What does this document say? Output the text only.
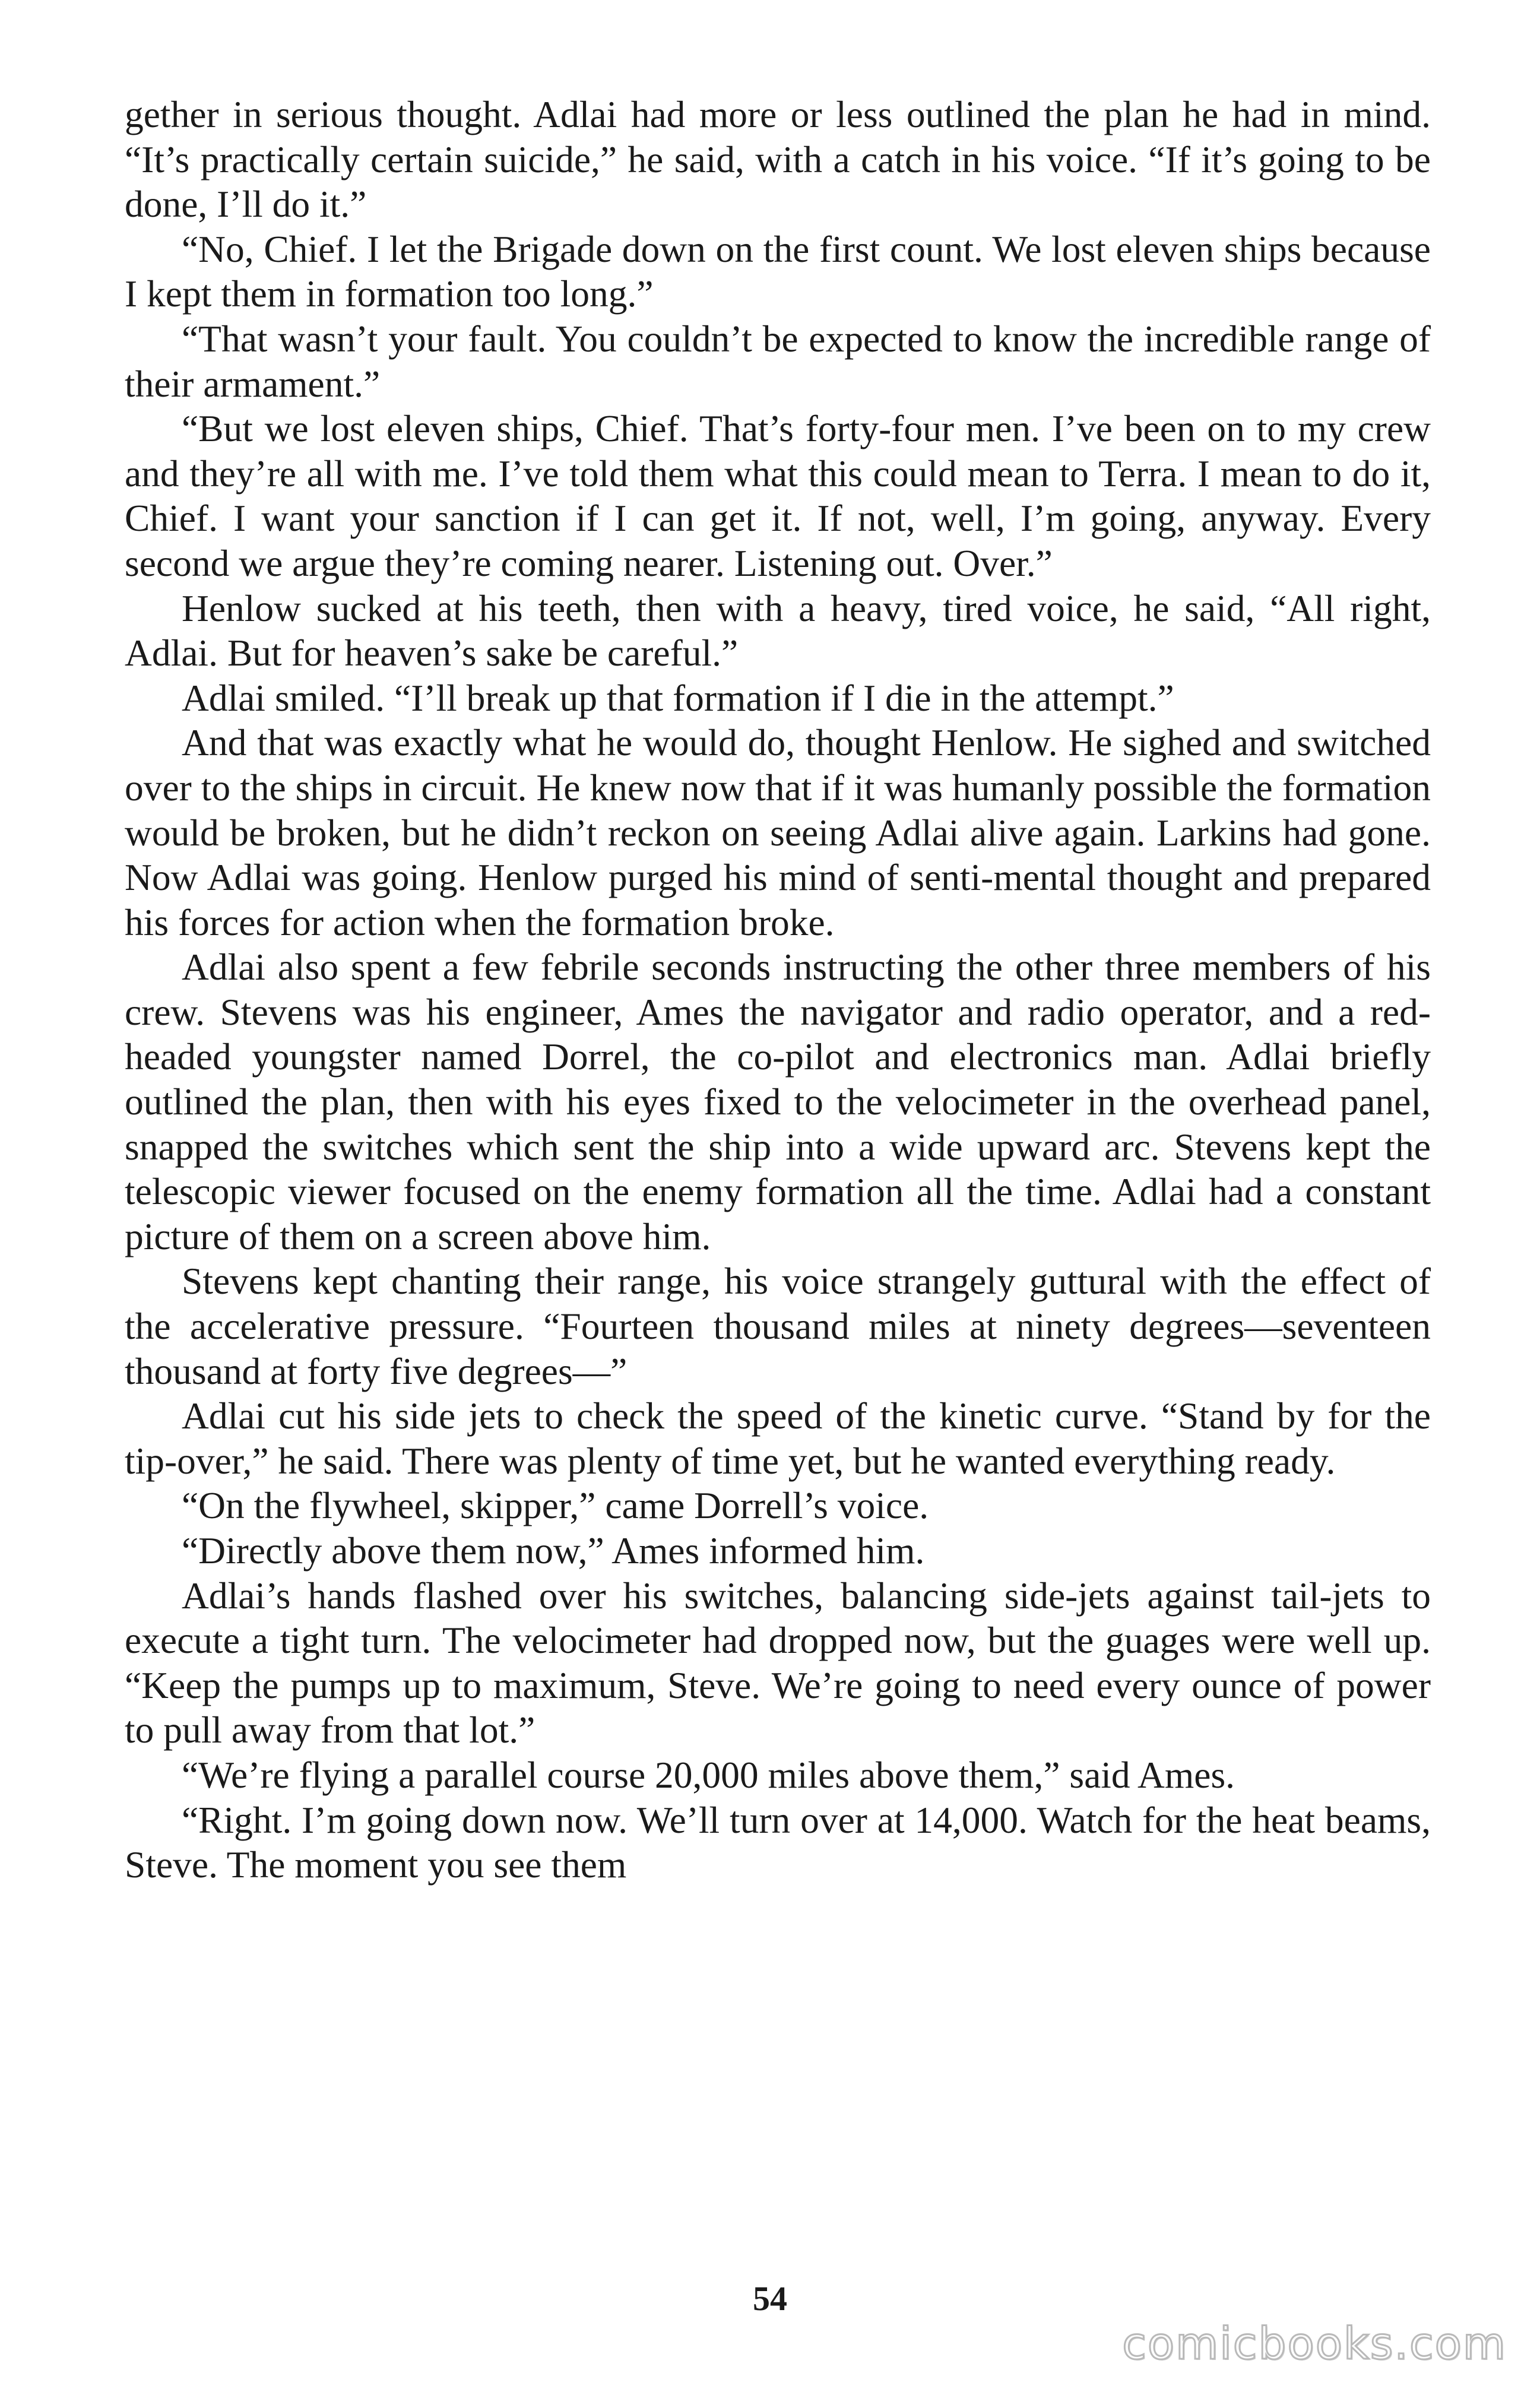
gether in serious thought. Adlai had more or less outlined the plan he had in mind. “It’s practically certain suicide,” he said, with a catch in his voice. “If it’s going to be done, I’ll do it.”

“No, Chief. I let the Brigade down on the first count. We lost eleven ships because I kept them in formation too long.”

“That wasn’t your fault. You couldn’t be expected to know the incredible range of their armament.”

“But we lost eleven ships, Chief. That’s forty-four men. I’ve been on to my crew and they’re all with me. I’ve told them what this could mean to Terra. I mean to do it, Chief. I want your sanction if I can get it. If not, well, I’m going, anyway. Every second we argue they’re coming nearer. Listening out. Over.”

Henlow sucked at his teeth, then with a heavy, tired voice, he said, “All right, Adlai. But for heaven’s sake be careful.”

Adlai smiled. “I’ll break up that formation if I die in the attempt.”

And that was exactly what he would do, thought Henlow. He sighed and switched over to the ships in circuit. He knew now that if it was humanly possible the formation would be broken, but he didn’t reckon on seeing Adlai alive again. Larkins had gone. Now Adlai was going. Henlow purged his mind of senti-mental thought and prepared his forces for action when the formation broke.

Adlai also spent a few febrile seconds instructing the other three members of his crew. Stevens was his engineer, Ames the navigator and radio operator, and a red-headed youngster named Dorrel, the co-pilot and electronics man. Adlai briefly outlined the plan, then with his eyes fixed to the velocimeter in the overhead panel, snapped the switches which sent the ship into a wide upward arc. Stevens kept the telescopic viewer focused on the enemy formation all the time. Adlai had a constant picture of them on a screen above him.

Stevens kept chanting their range, his voice strangely guttural with the effect of the accelerative pressure. “Fourteen thousand miles at ninety degrees—seventeen thousand at forty five degrees—”

Adlai cut his side jets to check the speed of the kinetic curve. “Stand by for the tip-over,” he said. There was plenty of time yet, but he wanted everything ready.

“On the flywheel, skipper,” came Dorrell’s voice.

“Directly above them now,” Ames informed him.

Adlai’s hands flashed over his switches, balancing side-jets against tail-jets to execute a tight turn. The velocimeter had dropped now, but the guages were well up. “Keep the pumps up to maximum, Steve. We’re going to need every ounce of power to pull away from that lot.”

“We’re flying a parallel course 20,000 miles above them,” said Ames.

“Right. I’m going down now. We’ll turn over at 14,000. Watch for the heat beams, Steve. The moment you see them

54
comicbooks.com
